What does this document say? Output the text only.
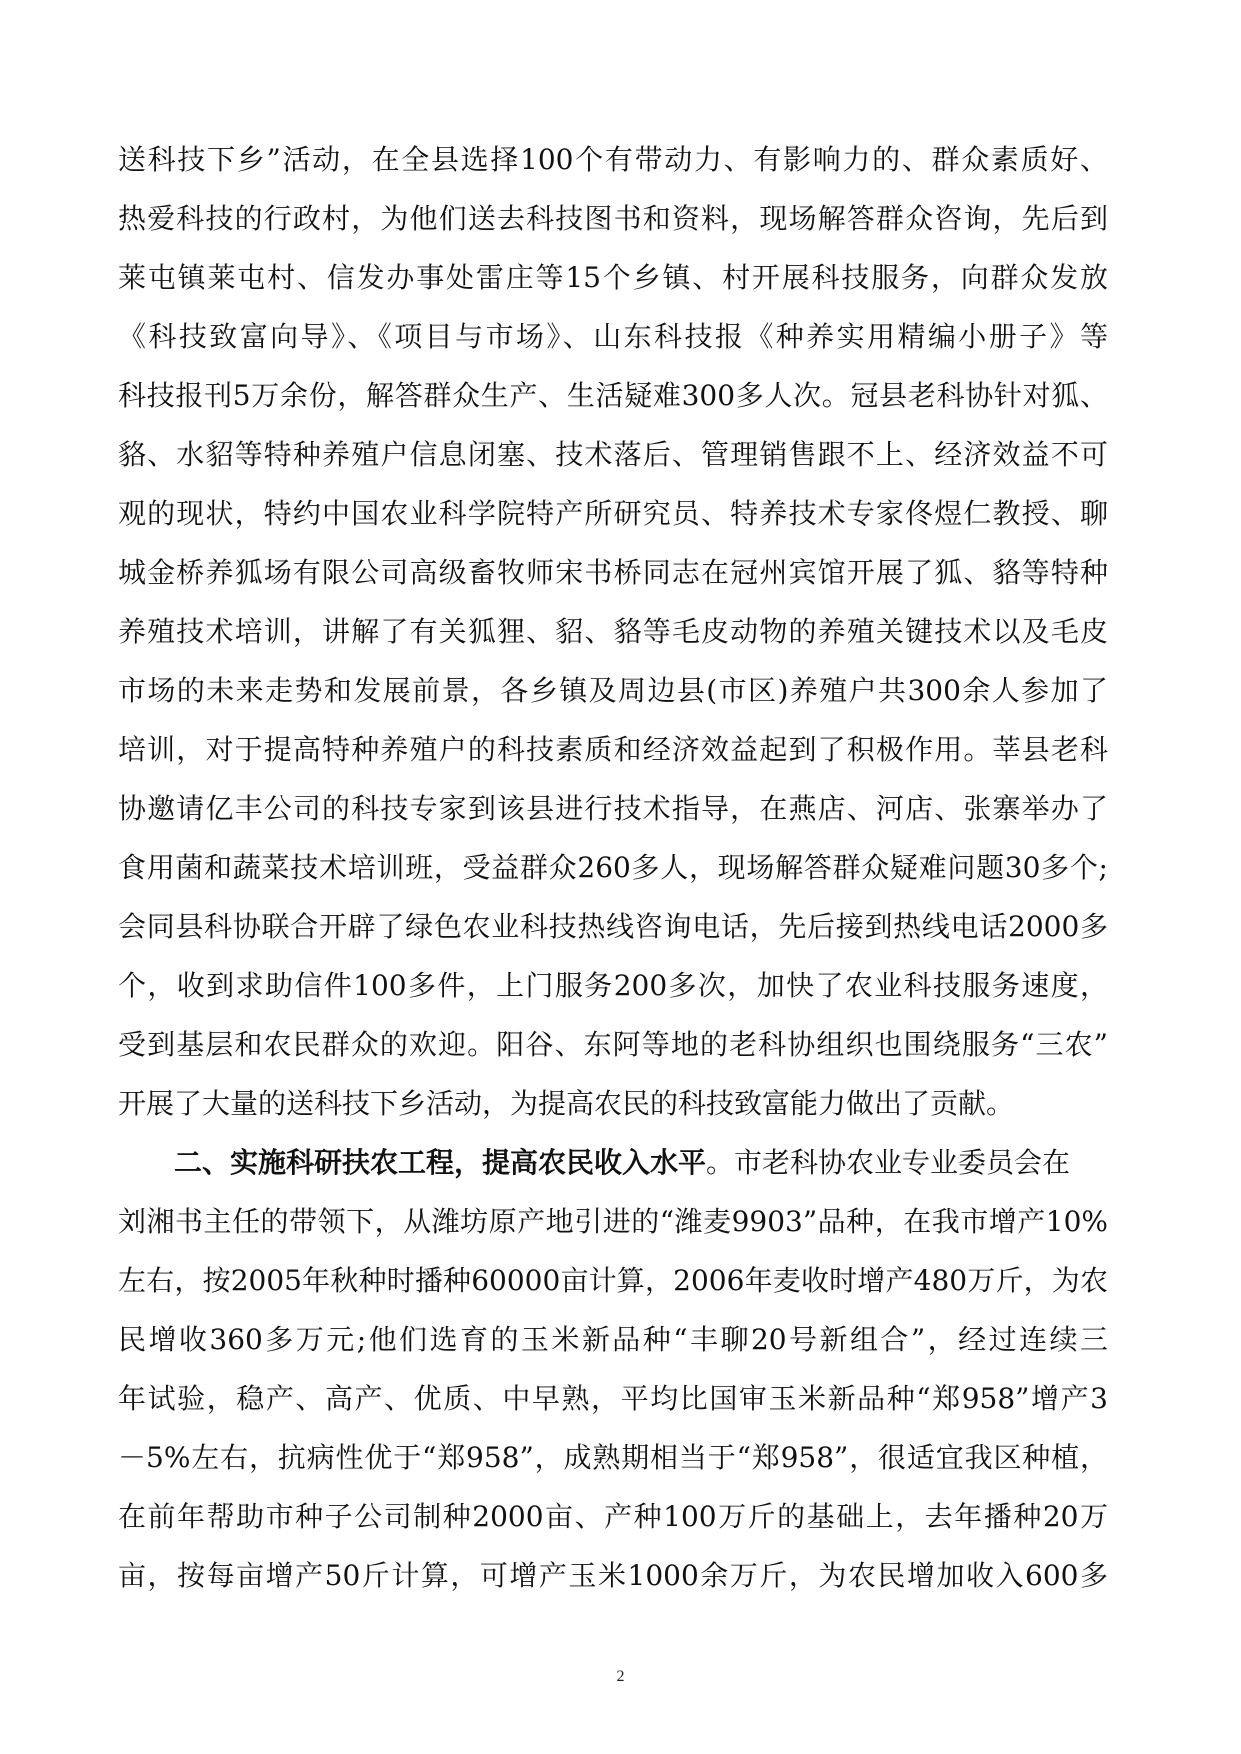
送科技下乡”活动，在全县选择100个有带动力、有影响力的、群众素质好、
热爱科技的行政村，为他们送去科技图书和资料，现场解答群众咨询，先后到
莱屯镇莱屯村、信发办事处雷庄等15个乡镇、村开展科技服务，向群众发放
《科技致富向导》、《项目与市场》、山东科技报《种养实用精编小册子》等
科技报刊5万余份，解答群众生产、生活疑难300多人次。冠县老科协针对狐、
貉、水貂等特种养殖户信息闭塞、技术落后、管理销售跟不上、经济效益不可
观的现状，特约中国农业科学院特产所研究员、特养技术专家佟煜仁教授、聊
城金桥养狐场有限公司高级畜牧师宋书桥同志在冠州宾馆开展了狐、貉等特种
养殖技术培训，讲解了有关狐狸、貂、貉等毛皮动物的养殖关键技术以及毛皮
市场的未来走势和发展前景，各乡镇及周边县(市区)养殖户共300余人参加了
培训，对于提高特种养殖户的科技素质和经济效益起到了积极作用。莘县老科
协邀请亿丰公司的科技专家到该县进行技术指导，在燕店、河店、张寨举办了
食用菌和蔬菜技术培训班，受益群众260多人，现场解答群众疑难问题30多个;
会同县科协联合开辟了绿色农业科技热线咨询电话，先后接到热线电话2000多
个，收到求助信件100多件，上门服务200多次，加快了农业科技服务速度，
受到基层和农民群众的欢迎。阳谷、东阿等地的老科协组织也围绕服务“三农”
开展了大量的送科技下乡活动，为提高农民的科技致富能力做出了贡献。
二、实施科研扶农工程，提高农民收入水平。市老科协农业专业委员会在
刘湘书主任的带领下，从潍坊原产地引进的“潍麦9903”品种，在我市增产10%
左右，按2005年秋种时播种60000亩计算，2006年麦收时增产480万斤，为农
民增收360多万元;他们选育的玉米新品种“丰聊20号新组合”，经过连续三
年试验，稳产、高产、优质、中早熟，平均比国审玉米新品种“郑958”增产3
－5%左右，抗病性优于“郑958”，成熟期相当于“郑958”，很适宜我区种植，
在前年帮助市种子公司制种2000亩、产种100万斤的基础上，去年播种20万
亩，按每亩增产50斤计算，可增产玉米1000余万斤，为农民增加收入600多
2
